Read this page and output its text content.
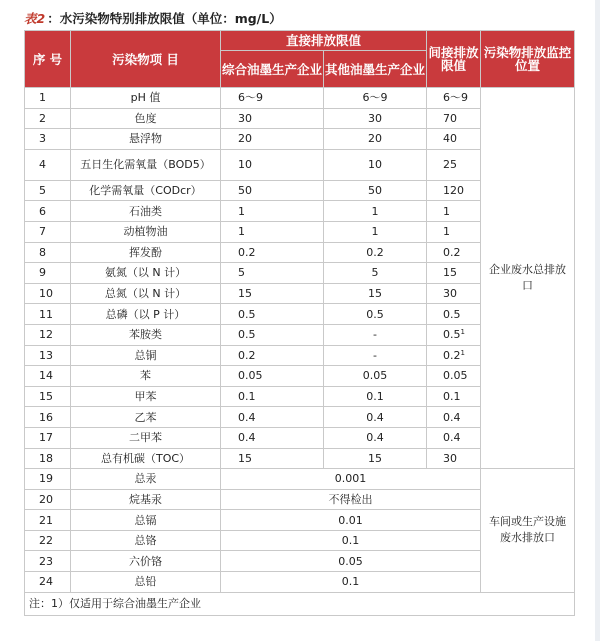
表2 ：水污染物特别排放限值（单位：mg/L）
序 号	污染物项 目	直接排放限值		间接排放限值	污染物排放监控位置
		综合油墨生产企业	其他油墨生产企业		
1	pH 值	6～9	6～9	6～9	企业废水总排放口
2	色度	30	30	70	
3	悬浮物	20	20	40	
4	五日生化需氧量（BOD5）	10	10	25	
5	化学需氧量（CODcr）	50	50	120	
6	石油类	1	1	1	
7	动植物油	1	1	1	
8	挥发酚	0.2	0.2	0.2	
9	氨氮（以 N 计）	5	5	15	
10	总氮（以 N 计）	15	15	30	
11	总磷（以 P 计）	0.5	0.5	0.5	
12	苯胺类	0.5	-	$0.5^1$
13	总铜	0.2	-	$0.2^1$
14	苯	0.05	0.05	0.05	
15	甲苯	0.1	0.1	0.1	
16	乙苯	0.4	0.4	0.4	
17	二甲苯	0.4	0.4	0.4	
18	总有机碳（TOC）	15	15	30	
19	总汞	0.001			车间或生产设施废水排放口
20	烷基汞	不得检出			
21	总镉	0.01			
22	总铬	0.1			
23	六价铬	0.05			
24	总铅	0.1			
注：1）仅适用于综合油墨生产企业					
